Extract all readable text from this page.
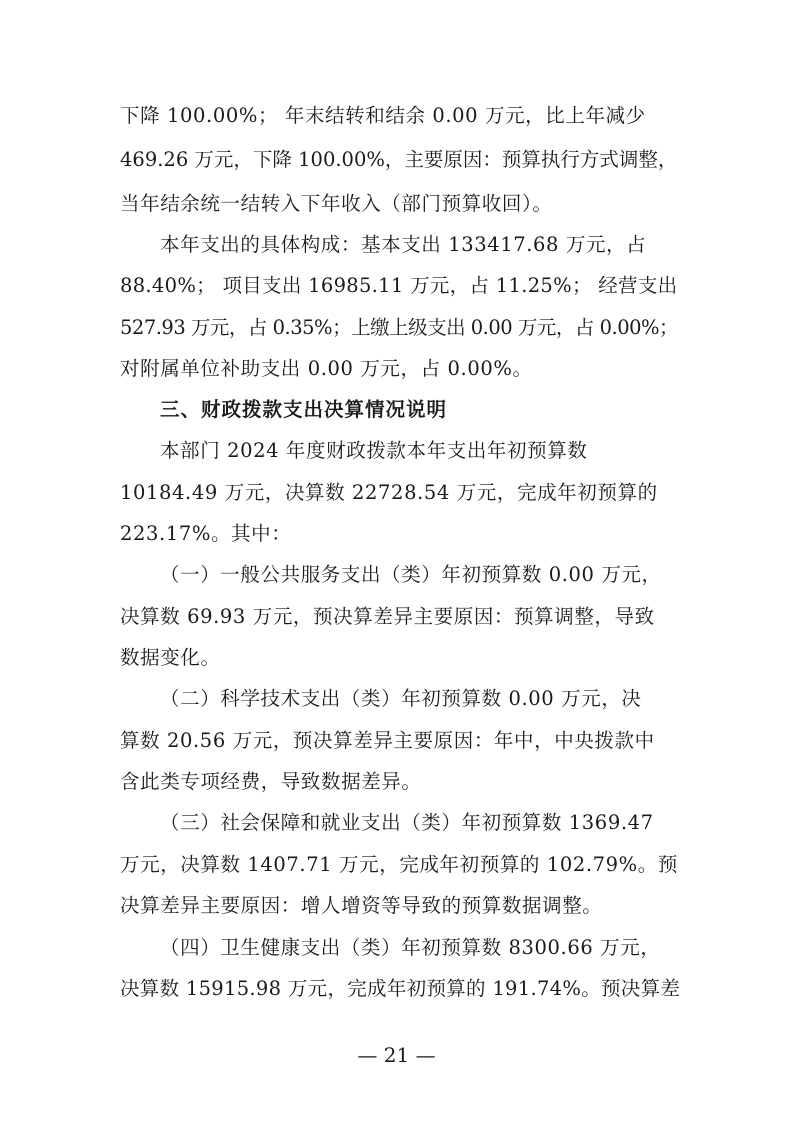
下降 100.00%； 年末结转和结余 0.00 万元，比上年减少
469.26 万元，下降 100.00%，主要原因：预算执行方式调整，
当年结余统一结转入下年收入（部门预算收回）。
本年支出的具体构成：基本支出 133417.68 万元，占
88.40%； 项目支出 16985.11 万元，占 11.25%； 经营支出
527.93 万元，占 0.35%；上缴上级支出 0.00 万元，占 0.00%；
对附属单位补助支出 0.00 万元，占 0.00%。
三、财政拨款支出决算情况说明
本部门 2024 年度财政拨款本年支出年初预算数
10184.49 万元，决算数 22728.54 万元，完成年初预算的
223.17%。其中：
（一）一般公共服务支出（类）年初预算数 0.00 万元，
决算数 69.93 万元，预决算差异主要原因：预算调整，导致
数据变化。
（二）科学技术支出（类）年初预算数 0.00 万元，决
算数 20.56 万元，预决算差异主要原因：年中，中央拨款中
含此类专项经费，导致数据差异。
（三）社会保障和就业支出（类）年初预算数 1369.47
万元，决算数 1407.71 万元，完成年初预算的 102.79%。预
决算差异主要原因：增人增资等导致的预算数据调整。
（四）卫生健康支出（类）年初预算数 8300.66 万元，
决算数 15915.98 万元，完成年初预算的 191.74%。预决算差
— 21 —
